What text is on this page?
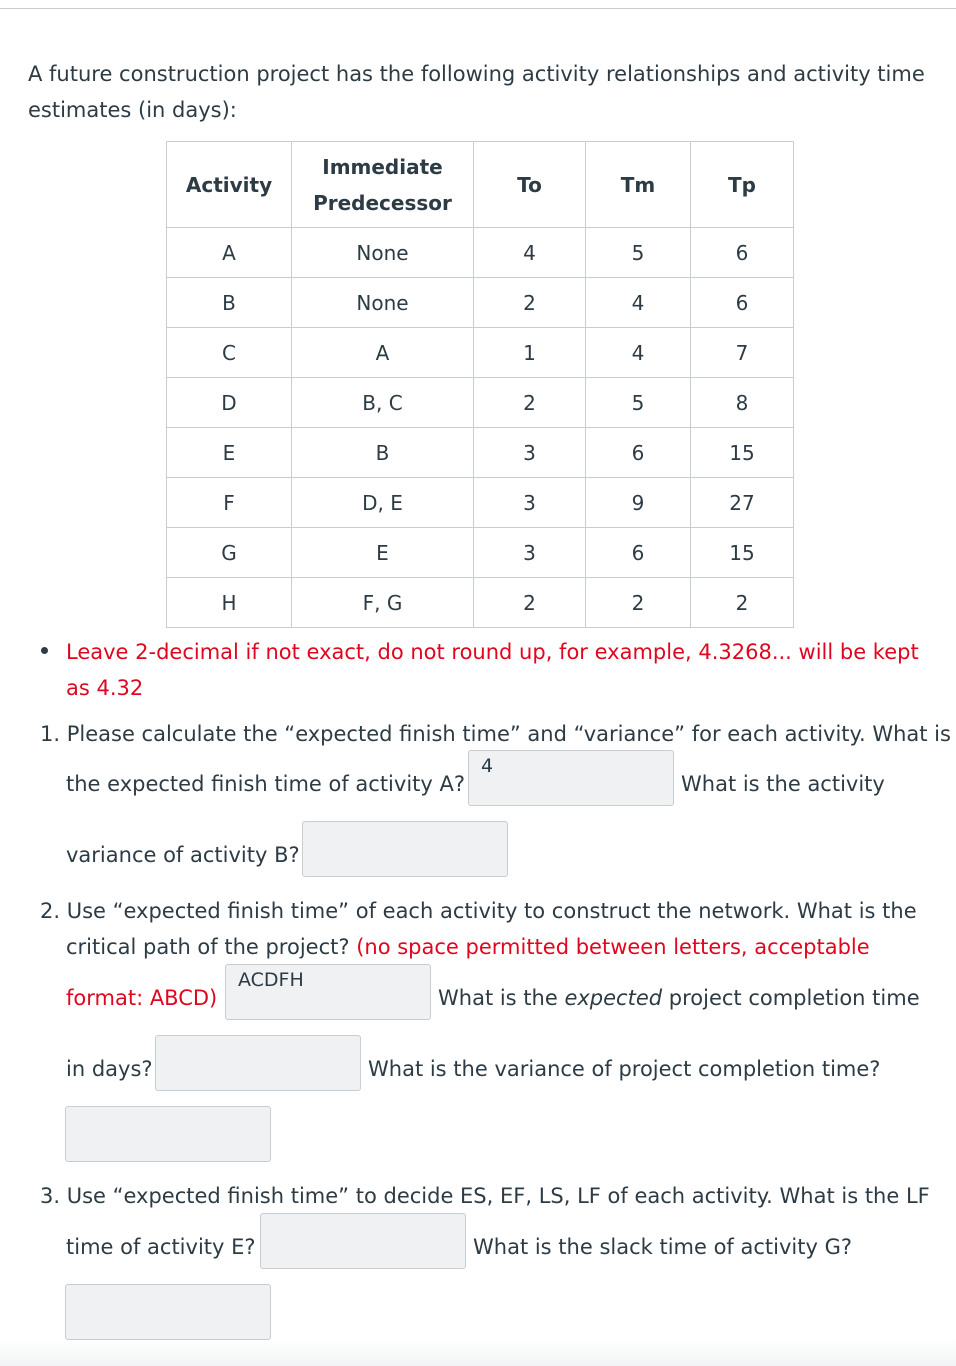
A future construction project has the following activity relationships and activity time
estimates (in days):
Activity	Immediate
Predecessor	To	Tm	Tp
A	None	4	5	6
B	None	2	4	6
C	A	1	4	7
D	B, C	2	5	8
E	B	3	6	15
F	D, E	3	9	27
G	E	3	6	15
H	F, G	2	2	2
Leave 2-decimal if not exact, do not round up, for example, 4.3268... will be kept
as 4.32
1. Please calculate the “expected finish time” and “variance” for each activity. What is
the expected finish time of activity A?
4
What is the activity
variance of activity B?
2. Use “expected finish time” of each activity to construct the network. What is the
critical path of the project? (no space permitted between letters, acceptable
format: ABCD)
ACDFH
What is the expected project completion time
in days?	What is the variance of project completion time?
3. Use “expected finish time” to decide ES, EF, LS, LF of each activity. What is the LF
time of activity E?	What is the slack time of activity G?
